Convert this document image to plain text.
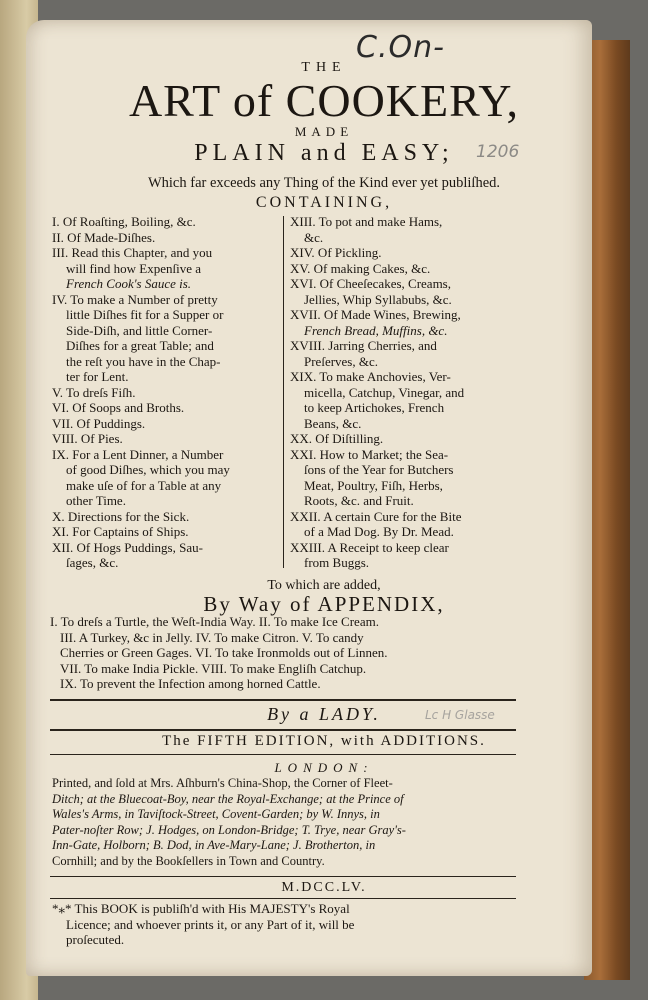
C.On-
1206
THE
ART of COOKERY,
MADE
PLAIN and EASY;
Which far exceeds any Thing of the Kind ever yet publiſhed.
CONTAINING,
I. Of Roaſting, Boiling, &c.
II. Of Made-Diſhes.
III. Read this Chapter, and you
will find how Expenſive a
French Cook's Sauce is.
IV. To make a Number of pretty
little Diſhes fit for a Supper or
Side-Diſh, and little Corner-
Diſhes for a great Table; and
the reſt you have in the Chap-
ter for Lent.
V. To dreſs Fiſh.
VI. Of Soops and Broths.
VII. Of Puddings.
VIII. Of Pies.
IX. For a Lent Dinner, a Number
of good Diſhes, which you may
make uſe of for a Table at any
other Time.
X. Directions for the Sick.
XI. For Captains of Ships.
XII. Of Hogs Puddings, Sau-
ſages, &c.
XIII. To pot and make Hams,
&c.
XIV. Of Pickling.
XV. Of making Cakes, &c.
XVI. Of Cheeſecakes, Creams,
Jellies, Whip Syllabubs, &c.
XVII. Of Made Wines, Brewing,
French Bread, Muffins, &c.
XVIII. Jarring Cherries, and
Preſerves, &c.
XIX. To make Anchovies, Ver-
micella, Catchup, Vinegar, and
to keep Artichokes, French
Beans, &c.
XX. Of Diſtilling.
XXI. How to Market; the Sea-
ſons of the Year for Butchers
Meat, Poultry, Fiſh, Herbs,
Roots, &c. and Fruit.
XXII. A certain Cure for the Bite
of a Mad Dog. By Dr. Mead.
XXIII. A Receipt to keep clear
from Buggs.
To which are added,
By Way of APPENDIX,
I. To dreſs a Turtle, the Weſt-India Way. II. To make Ice Cream.
III. A Turkey, &c in Jelly. IV. To make Citron. V. To candy
Cherries or Green Gages. VI. To take Ironmolds out of Linnen.
VII. To make India Pickle. VIII. To make Engliſh Catchup.
IX. To prevent the Infection among horned Cattle.
By a LADY.	Lc H Glasse
The FIFTH EDITION, with ADDITIONS.
LONDON:
Printed, and ſold at Mrs. Aſhburn's China-Shop, the Corner of Fleet-
Ditch; at the Bluecoat-Boy, near the Royal-Exchange; at the Prince of
Wales's Arms, in Taviſtock-Street, Covent-Garden; by W. Innys, in
Pater-noſter Row; J. Hodges, on London-Bridge; T. Trye, near Gray's-
Inn-Gate, Holborn; B. Dod, in Ave-Mary-Lane; J. Brotherton, in
Cornhill; and by the Bookſellers in Town and Country.
M.DCC.LV.
*⁎* This BOOK is publiſh'd with His MAJESTY's Royal
Licence; and whoever prints it, or any Part of it, will be
proſecuted.
